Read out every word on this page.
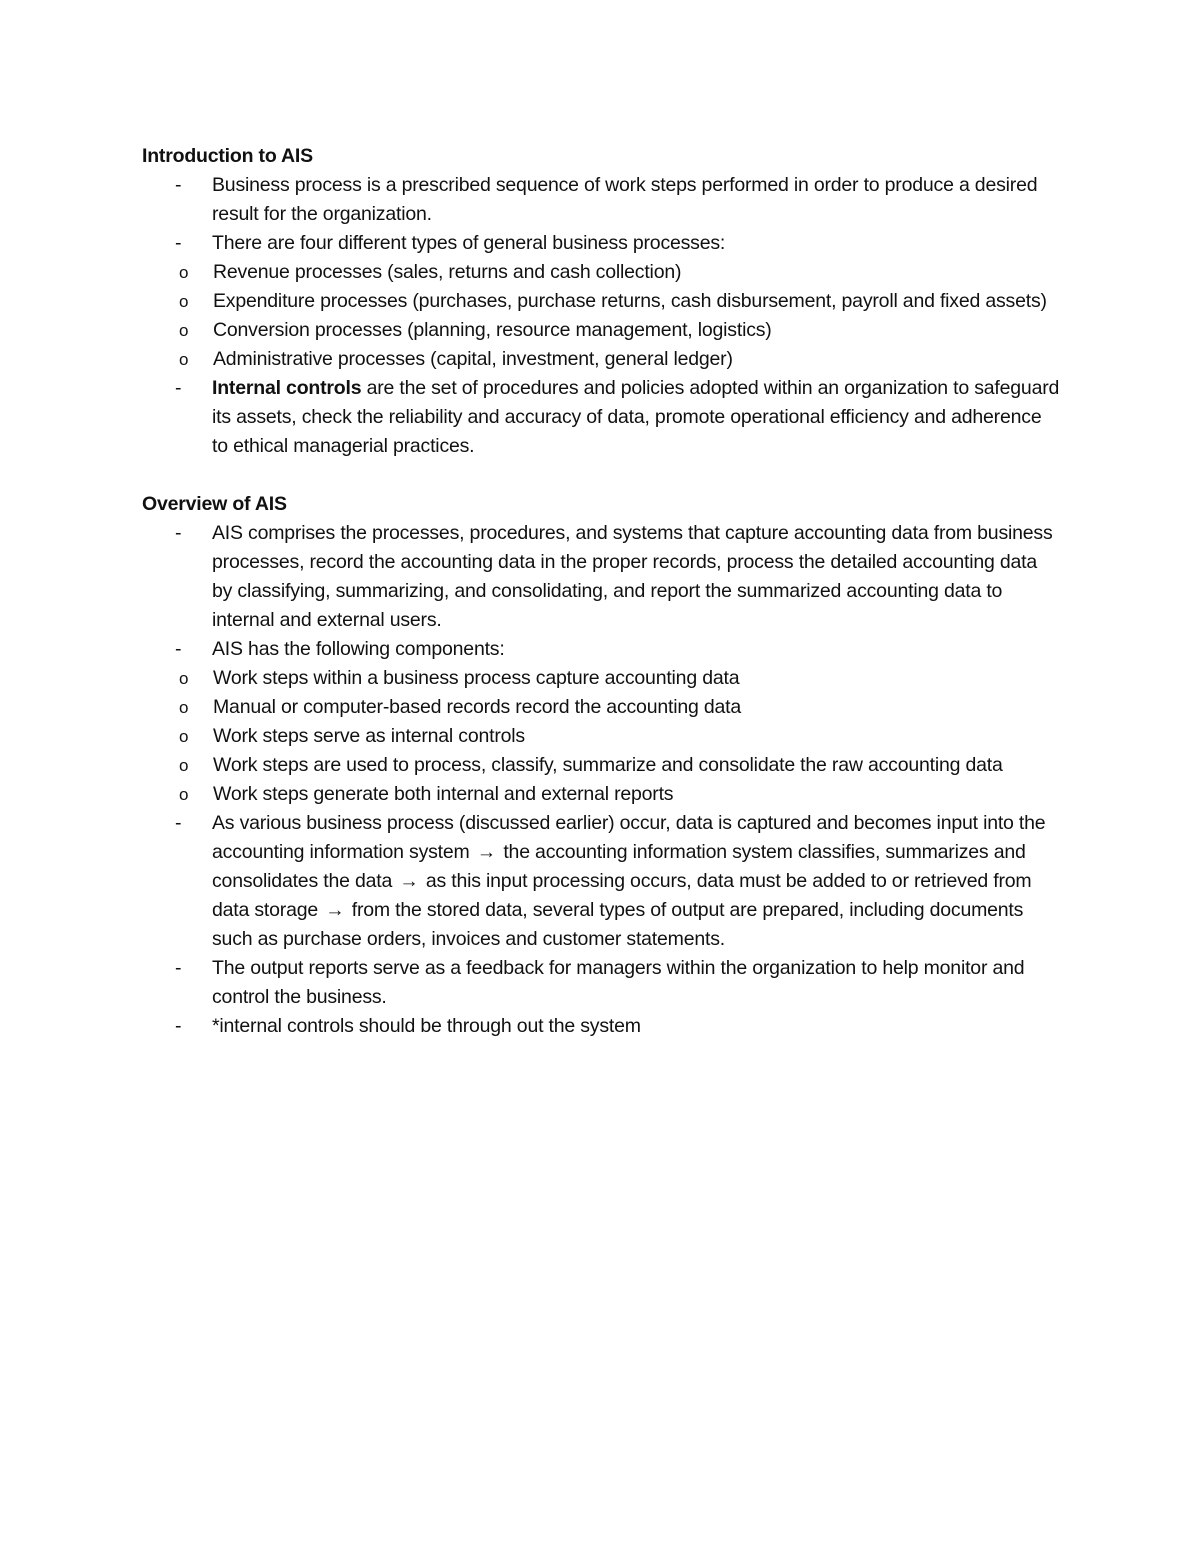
Introduction to AIS
-	Business process is a prescribed sequence of work steps performed in order to produce a desired result for the organization.
-	There are four different types of general business processes:
o Revenue processes (sales, returns and cash collection)
o Expenditure processes (purchases, purchase returns, cash disbursement, payroll and fixed assets)
o Conversion processes (planning, resource management, logistics)
o Administrative processes (capital, investment, general ledger)
-	Internal controls are the set of procedures and policies adopted within an organization to safeguard its assets, check the reliability and accuracy of data, promote operational efficiency and adherence to ethical managerial practices.
Overview of AIS
-	AIS comprises the processes, procedures, and systems that capture accounting data from business processes, record the accounting data in the proper records, process the detailed accounting data by classifying, summarizing, and consolidating, and report the summarized accounting data to internal and external users.
-	AIS has the following components:
o Work steps within a business process capture accounting data
o Manual or computer-based records record the accounting data
o Work steps serve as internal controls
o Work steps are used to process, classify, summarize and consolidate the raw accounting data
o Work steps generate both internal and external reports
-	As various business process (discussed earlier) occur, data is captured and becomes input into the accounting information system → the accounting information system classifies, summarizes and consolidates the data → as this input processing occurs, data must be added to or retrieved from data storage → from the stored data, several types of output are prepared, including documents such as purchase orders, invoices and customer statements.
-	The output reports serve as a feedback for managers within the organization to help monitor and control the business.
-	*internal controls should be through out the system
